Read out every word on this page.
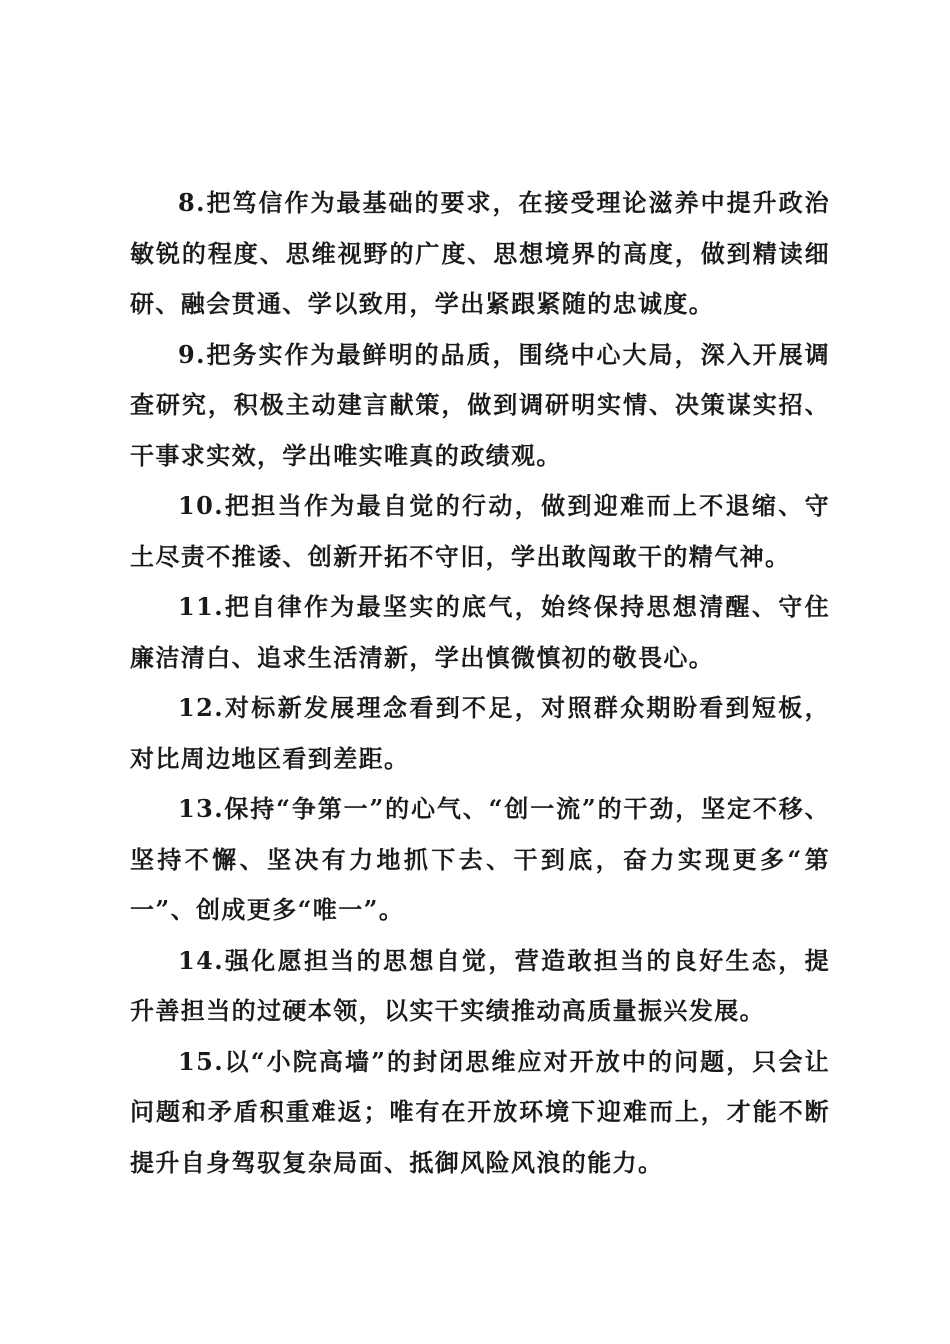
8.把笃信作为最基础的要求，在接受理论滋养中提升政治敏锐的程度、思维视野的广度、思想境界的高度，做到精读细研、融会贯通、学以致用，学出紧跟紧随的忠诚度。

9.把务实作为最鲜明的品质，围绕中心大局，深入开展调查研究，积极主动建言献策，做到调研明实情、决策谋实招、干事求实效，学出唯实唯真的政绩观。

10.把担当作为最自觉的行动，做到迎难而上不退缩、守土尽责不推诿、创新开拓不守旧，学出敢闯敢干的精气神。

11.把自律作为最坚实的底气，始终保持思想清醒、守住廉洁清白、追求生活清新，学出慎微慎初的敬畏心。

12.对标新发展理念看到不足，对照群众期盼看到短板，对比周边地区看到差距。

13.保持“争第一”的心气、“创一流”的干劲，坚定不移、坚持不懈、坚决有力地抓下去、干到底，奋力实现更多“第一”、创成更多“唯一”。

14.强化愿担当的思想自觉，营造敢担当的良好生态，提升善担当的过硬本领，以实干实绩推动高质量振兴发展。

15.以“小院高墙”的封闭思维应对开放中的问题，只会让问题和矛盾积重难返；唯有在开放环境下迎难而上，才能不断提升自身驾驭复杂局面、抵御风险风浪的能力。
